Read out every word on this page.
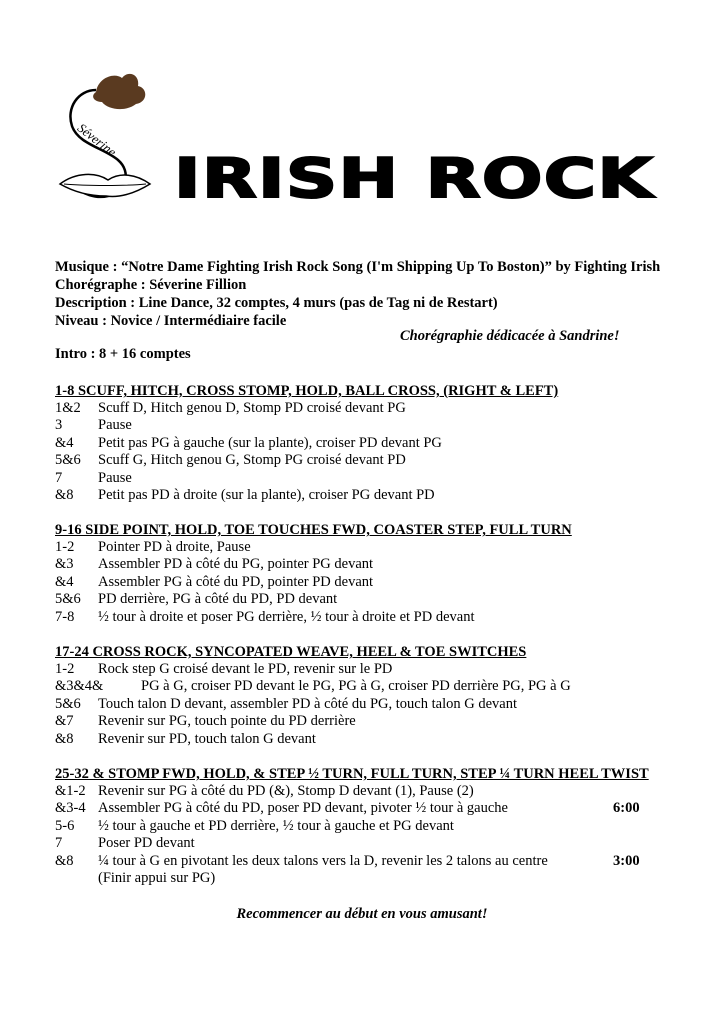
Séverine
IRISH ROCK
Musique : “Notre Dame Fighting Irish Rock Song (I'm Shipping Up To Boston)” by Fighting Irish
Chorégraphe : Séverine Fillion
Description : Line Dance, 32 comptes, 4 murs (pas de Tag ni de Restart)
Niveau : Novice / Intermédiaire facile
Chorégraphie dédicacée à Sandrine!
Intro : 8 + 16 comptes
1-8 SCUFF, HITCH, CROSS STOMP, HOLD, BALL CROSS, (RIGHT & LEFT)
1&2 Scuff D, Hitch genou D, Stomp PD croisé devant PG
3 Pause
&4 Petit pas PG à gauche (sur la plante), croiser PD devant PG
5&6 Scuff G, Hitch genou G, Stomp PG croisé devant PD
7 Pause
&8 Petit pas PD à droite (sur la plante), croiser PG devant PD
9-16 SIDE POINT, HOLD, TOE TOUCHES FWD, COASTER STEP, FULL TURN
1-2 Pointer PD à droite, Pause
&3 Assembler PD à côté du PG, pointer PG devant
&4 Assembler PG à côté du PD, pointer PD devant
5&6 PD derrière, PG à côté du PD, PD devant
7-8 ½ tour à droite et poser PG derrière, ½ tour à droite et PD devant
17-24 CROSS ROCK, SYNCOPATED WEAVE, HEEL & TOE SWITCHES
1-2 Rock step G croisé devant le PD, revenir sur le PD
&3&4&	PG à G, croiser PD devant le PG, PG à G, croiser PD derrière PG, PG à G
5&6 Touch talon D devant, assembler PD à côté du PG, touch talon G devant
&7 Revenir sur PG, touch pointe du PD derrière
&8 Revenir sur PD, touch talon G devant
25-32 & STOMP FWD, HOLD, & STEP ½ TURN, FULL TURN, STEP ¼ TURN HEEL TWIST
&1-2 Revenir sur PG à côté du PD (&), Stomp D devant (1), Pause (2)
&3-4 Assembler PG à côté du PD, poser PD devant, pivoter ½ tour à gauche	6:00
5-6 ½ tour à gauche et PD derrière, ½ tour à gauche et PG devant
7 Poser PD devant
&8 ¼ tour à G en pivotant les deux talons vers la D, revenir les 2 talons au centre	3:00
(Finir appui sur PG)
Recommencer au début en vous amusant!
